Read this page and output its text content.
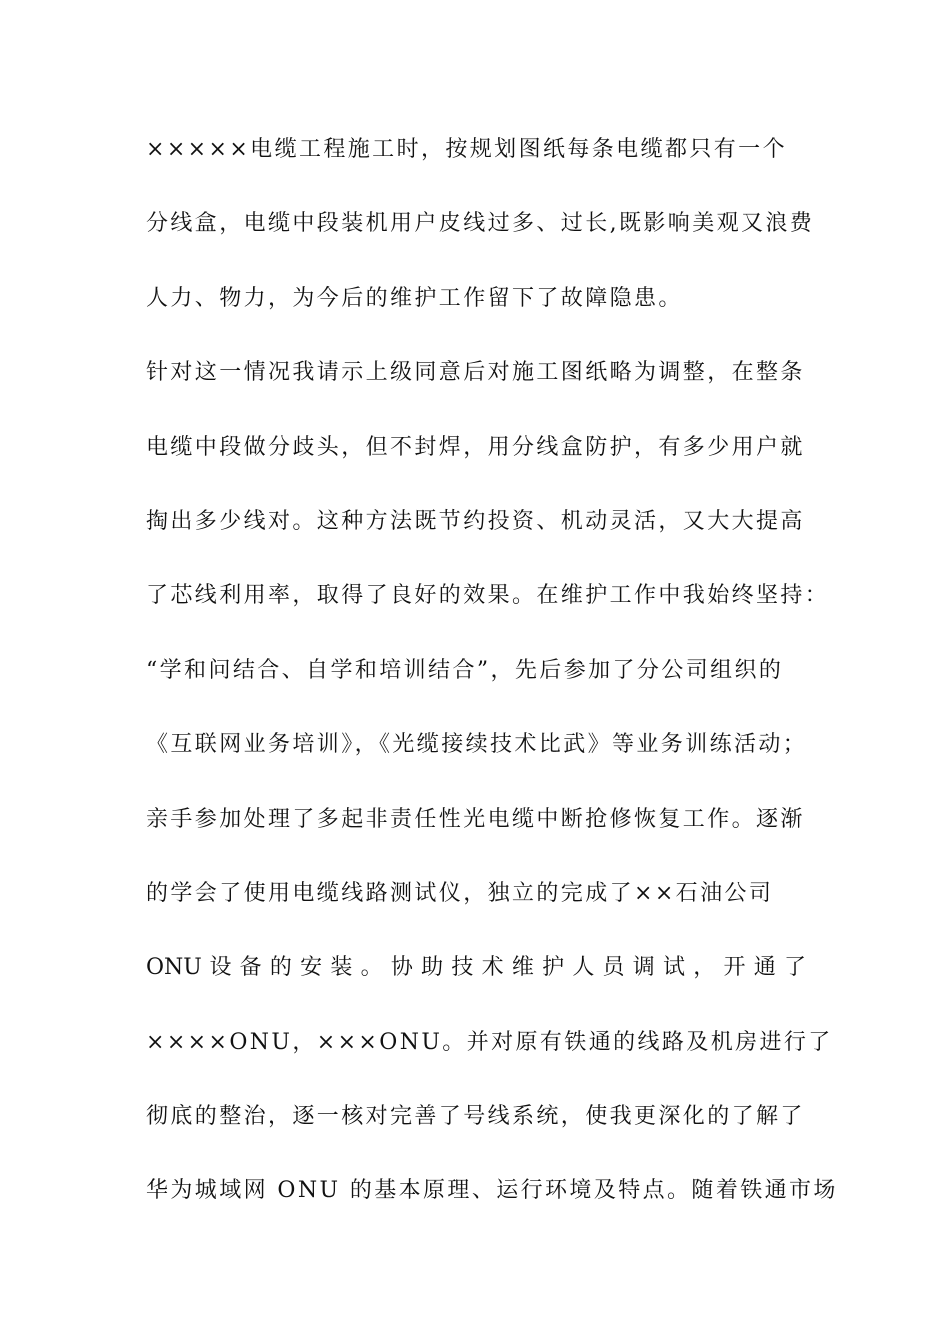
×××××电缆工程施工时，按规划图纸每条电缆都只有一个
分线盒，电缆中段装机用户皮线过多、过长,既影响美观又浪费
人力、物力，为今后的维护工作留下了故障隐患。
针对这一情况我请示上级同意后对施工图纸略为调整，在整条
电缆中段做分歧头，但不封焊，用分线盒防护，有多少用户就
掏出多少线对。这种方法既节约投资、机动灵活，又大大提高
了芯线利用率，取得了良好的效果。在维护工作中我始终坚持：
“学和问结合、自学和培训结合”，先后参加了分公司组织的
《互联网业务培训》，《光缆接续技术比武》等业务训练活动；
亲手参加处理了多起非责任性光电缆中断抢修恢复工作。逐渐
的学会了使用电缆线路测试仪，独立的完成了××石油公司
ONU 设 备 的 安 装 。 协 助 技 术 维 护 人 员 调 试 ， 开 通 了
××××ONU，×××ONU。并对原有铁通的线路及机房进行了
彻底的整治，逐一核对完善了号线系统，使我更深化的了解了
华为城域网 ONU 的基本原理、运行环境及特点。随着铁通市场
